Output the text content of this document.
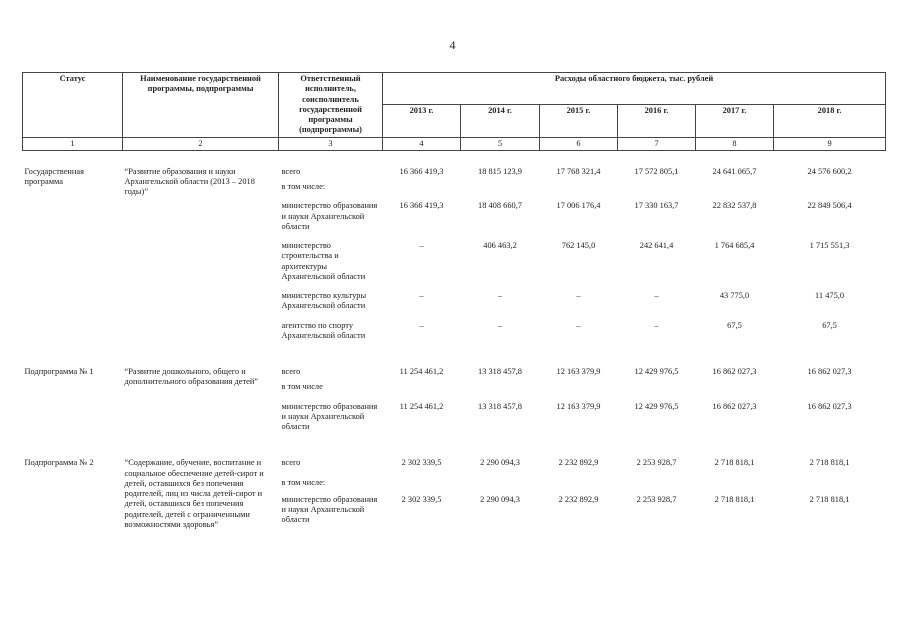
4
Статус	Наименование государственной программы, подпрограммы	Ответственный исполнитель, соисполнитель государственной программы (подпрограммы)	Расходы областного бюджета, тыс. рублей					
			2013 г.	2014 г.	2015 г.	2016 г.	2017 г.	2018 г.
1	2	3	4	5	6	7	8	9
Государственная программа	“Развитие образования и науки Архангельской области (2013 – 2018 годы)”	всего	16 366 419,3	18 815 123,9	17 768 321,4	17 572 805,1	24 641 065,7	24 576 600,2
		в том числе:						
		министерство образования и науки Архангельской области	16 366 419,3	18 408 660,7	17 006 176,4	17 330 163,7	22 832 537,8	22 849 506,4
		министерство строительства и архитектуры Архангельской области	–	406 463,2	762 145,0	242 641,4	1 764 685,4	1 715 551,3
		министерство культуры Архангельской области	–	–	–	–	43 775,0	11 475,0
		агентство по спорту Архангельской области	–	–	–	–	67,5	67,5
Подпрограмма № 1	“Развитие дошкольного, общего и дополнительного образования детей”	всего	11 254 461,2	13 318 457,8	12 163 379,9	12 429 976,5	16 862 027,3	16 862 027,3
		в том числе						
		министерство образования и науки Архангельской области	11 254 461,2	13 318 457,8	12 163 379,9	12 429 976,5	16 862 027,3	16 862 027,3
Подпрограмма № 2	“Содержание, обучение, воспитание и социальное обеспечение детей-сирот и детей, оставшихся без попечения родителей, лиц из числа детей-сирот и детей, оставшихся без попечения родителей, детей с ограниченными возможностями здоровья”	всего	2 302 339,5	2 290 094,3	2 232 892,9	2 253 928,7	2 718 818,1	2 718 818,1
		в том числе:						
		министерство образования и науки Архангельской области	2 302 339,5	2 290 094,3	2 232 892,9	2 253 928,7	2 718 818,1	2 718 818,1
